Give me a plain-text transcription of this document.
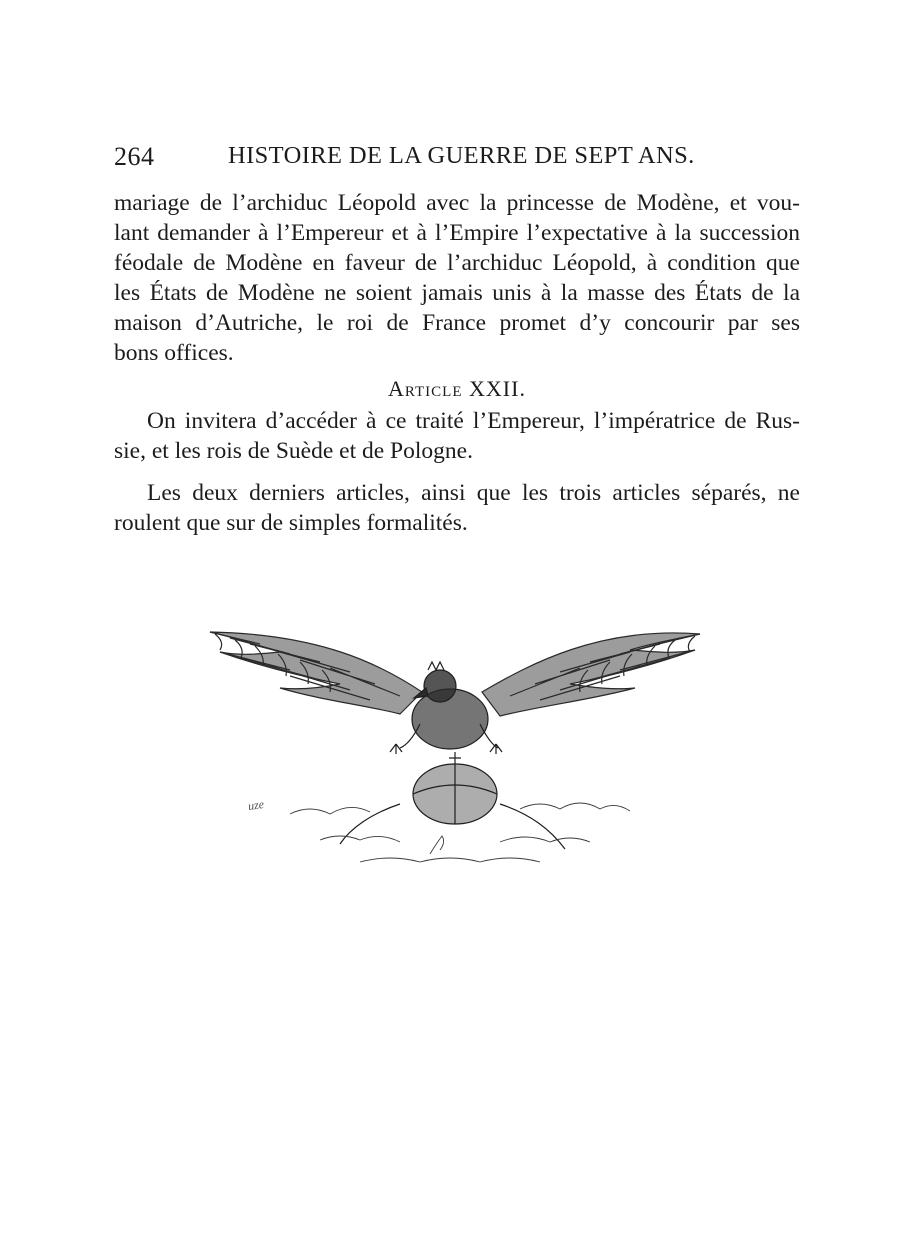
264	HISTOIRE DE LA GUERRE DE SEPT ANS.
mariage de l’archiduc Léopold avec la princesse de Modène, et vou-
lant demander à l’Empereur et à l’Empire l’expectative à la succession
féodale de Modène en faveur de l’archiduc Léopold, à condition que
les États de Modène ne soient jamais unis à la masse des États de la
maison d’Autriche, le roi de France promet d’y concourir par ses
bons offices.
Article XXII.
On invitera d’accéder à ce traité l’Empereur, l’impératrice de Rus-
sie, et les rois de Suède et de Pologne.
Les deux derniers articles, ainsi que les trois articles séparés, ne
roulent que sur de simples formalités.
uze
